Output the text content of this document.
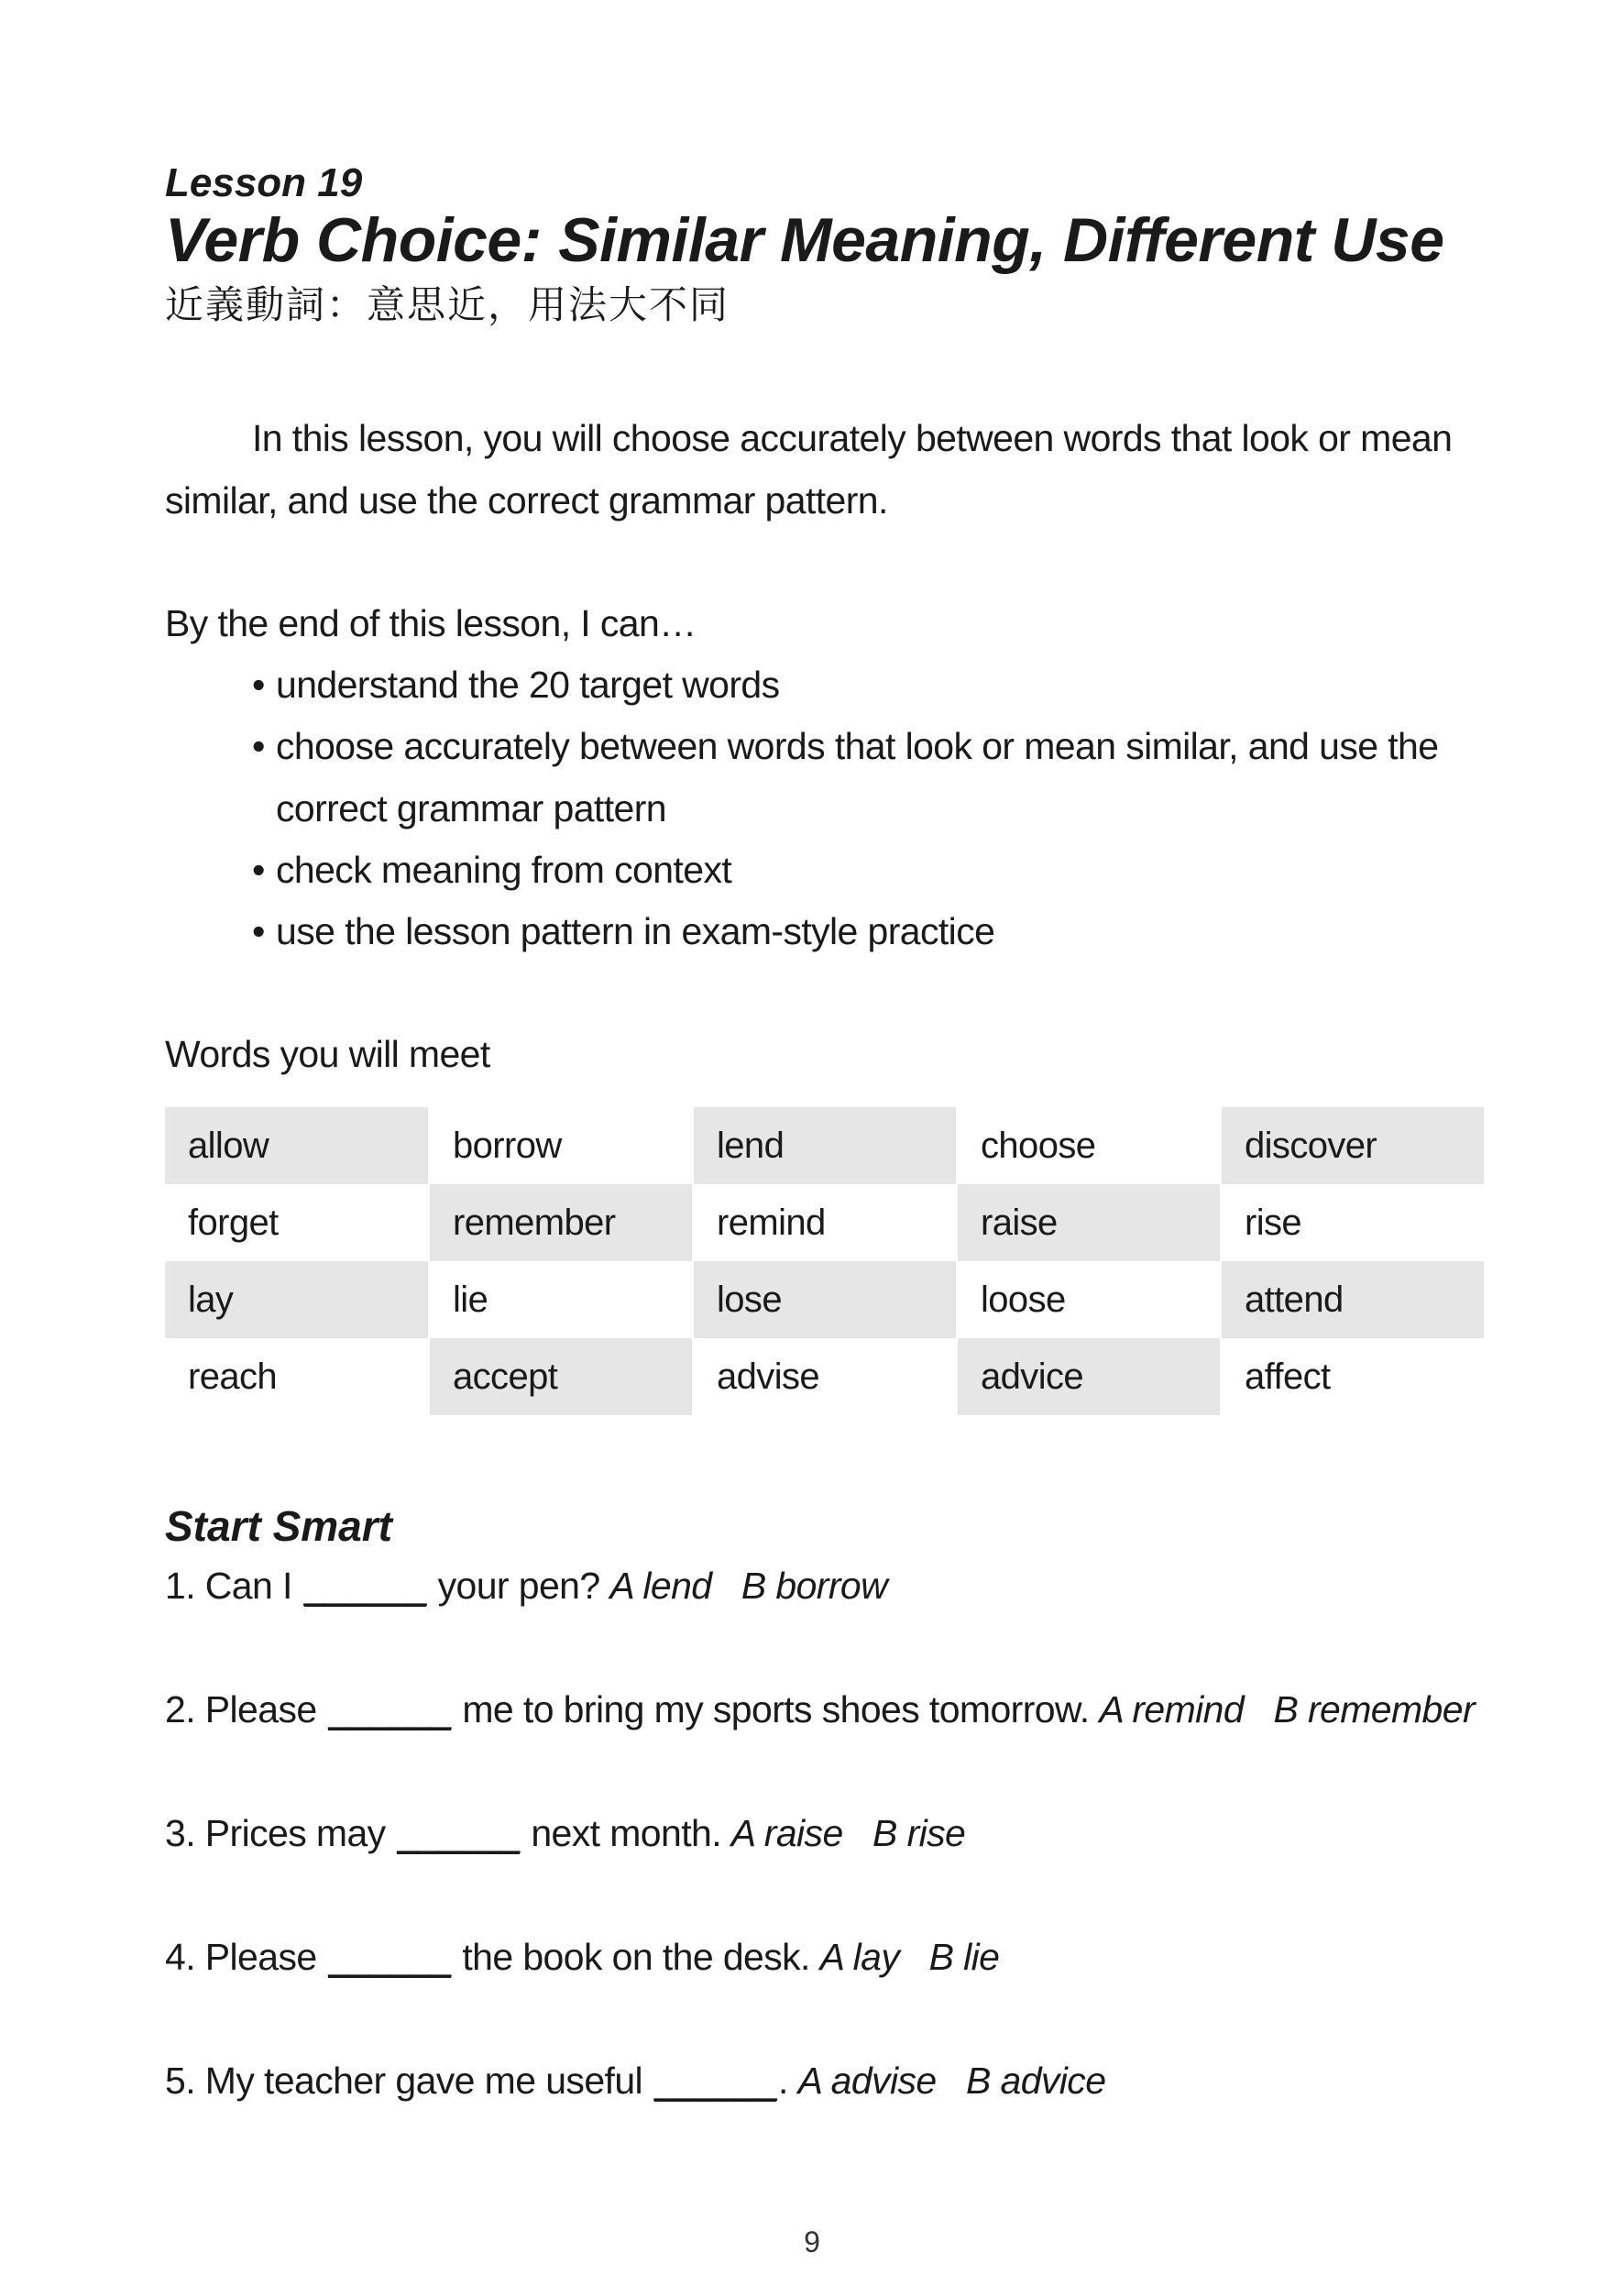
Lesson 19
Verb Choice: Similar Meaning, Different Use
近義動詞：意思近，用法大不同
In this lesson, you will choose accurately between words that look or mean
similar, and use the correct grammar pattern.
By the end of this lesson, I can…
• understand the 20 target words
• choose accurately between words that look or mean similar, and use the
correct grammar pattern
• check meaning from context
• use the lesson pattern in exam-style practice
Words you will meet
allow	borrow	lend	choose	discover
forget	remember	remind	raise	rise
lay	lie	lose	loose	attend
reach	accept	advise	advice	affect
Start Smart
1. Can I ______ your pen? A lend B borrow
2. Please ______ me to bring my sports shoes tomorrow. A remind B remember
3. Prices may ______ next month. A raise B rise
4. Please ______ the book on the desk. A lay B lie
5. My teacher gave me useful ______. A advise B advice
9
